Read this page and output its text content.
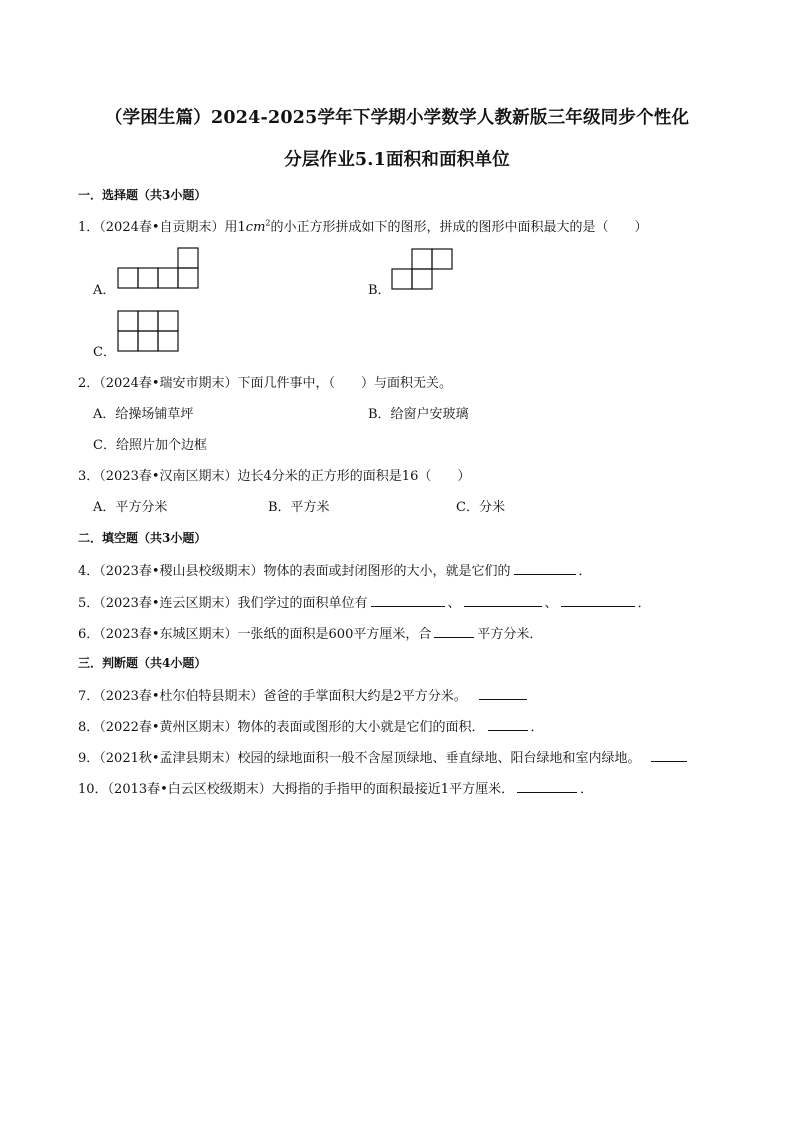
（学困生篇）2024-2025学年下学期小学数学人教新版三年级同步个性化
分层作业5.1面积和面积单位
一．选择题（共3小题）
1．（2024春•自贡期末）用$1cm^2$的小正方形拼成如下的图形，拼成的图形中面积最大的是（　　）
A．	B．
C．
2．（2024春•瑞安市期末）下面几件事中，（　　）与面积无关。
A．给操场铺草坪	B．给窗户安玻璃
C．给照片加个边框
3．（2023春•汉南区期末）边长4分米的正方形的面积是16（　　）
A．平方分米	B．平方米	C．分米
二．填空题（共3小题）
4．（2023春•稷山县校级期末）物体的表面或封闭图形的大小，就是它们的	．
5．（2023春•连云区期末）我们学过的面积单位有	、	、	．
6．（2023春•东城区期末）一张纸的面积是600平方厘米，合	平方分米．
三．判断题（共4小题）
7．（2023春•杜尔伯特县期末）爸爸的手掌面积大约是2平方分米。
8．（2022春•黄州区期末）物体的表面或图形的大小就是它们的面积．	．
9．（2021秋•孟津县期末）校园的绿地面积一般不含屋顶绿地、垂直绿地、阳台绿地和室内绿地。
10．（2013春•白云区校级期末）大拇指的手指甲的面积最接近1平方厘米．	．
